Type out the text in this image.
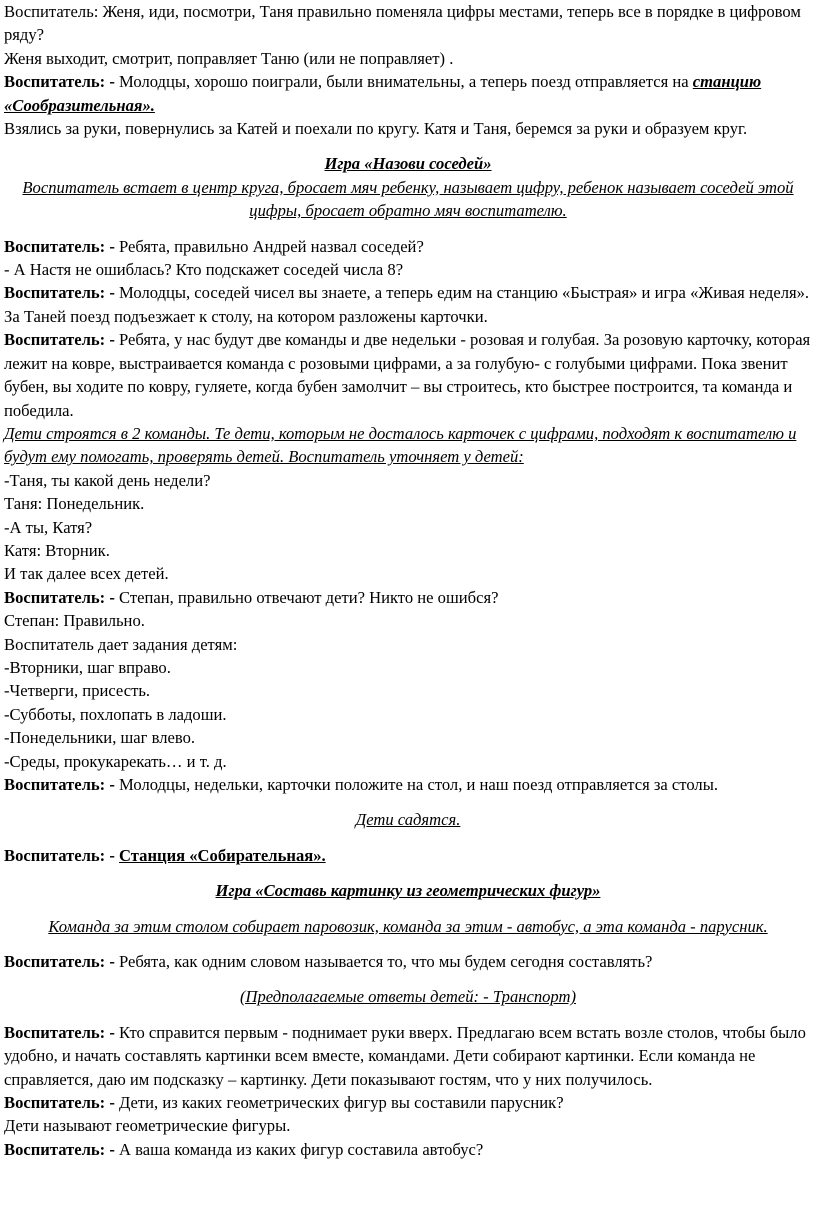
Воспитатель: Женя, иди, посмотри, Таня правильно поменяла цифры местами, теперь все в порядке в цифровом ряду?

Женя выходит, смотрит, поправляет Таню (или не поправляет) .

Воспитатель: - Молодцы, хорошо поиграли, были внимательны, а теперь поезд отправляется на станцию «Сообразительная».

Взялись за руки, повернулись за Катей и поехали по кругу. Катя и Таня, беремся за руки и образуем круг.

Игра «Назови соседей»

Воспитатель встает в центр круга, бросает мяч ребенку, называет цифру, ребенок называет соседей этой цифры, бросает обратно мяч воспитателю.

Воспитатель: - Ребята, правильно Андрей назвал соседей?

- А Настя не ошиблась? Кто подскажет соседей числа 8?

Воспитатель: - Молодцы, соседей чисел вы знаете, а теперь едим на станцию «Быстрая» и игра «Живая неделя». За Таней поезд подъезжает к столу, на котором разложены карточки.

Воспитатель: - Ребята, у нас будут две команды и две недельки - розовая и голубая. За розовую карточку, которая лежит на ковре, выстраивается команда с розовыми цифрами, а за голубую- с голубыми цифрами. Пока звенит бубен, вы ходите по ковру, гуляете, когда бубен замолчит – вы строитесь, кто быстрее построится, та команда и победила.

Дети строятся в 2 команды. Те дети, которым не досталось карточек с цифрами, подходят к воспитателю и будут ему помогать, проверять детей. Воспитатель уточняет у детей:

-Таня, ты какой день недели?

Таня: Понедельник.

-А ты, Катя?

Катя: Вторник.

И так далее всех детей.

Воспитатель: - Степан, правильно отвечают дети? Никто не ошибся?

Степан: Правильно.

Воспитатель дает задания детям:

-Вторники, шаг вправо.

-Четверги, присесть.

-Субботы, похлопать в ладоши.

-Понедельники, шаг влево.

-Среды, прокукарекать… и т. д.

Воспитатель: - Молодцы, недельки, карточки положите на стол, и наш поезд отправляется за столы.

Дети садятся.

Воспитатель: - Станция «Собирательная».

Игра «Составь картинку из геометрических фигур»

Команда за этим столом собирает паровозик, команда за этим - автобус, а эта команда - парусник.

Воспитатель: - Ребята, как одним словом называется то, что мы будем сегодня составлять?

(Предполагаемые ответы детей: - Транспорт)

Воспитатель: - Кто справится первым - поднимает руки вверх. Предлагаю всем встать возле столов, чтобы было удобно, и начать составлять картинки всем вместе, командами. Дети собирают картинки. Если команда не справляется, даю им подсказку – картинку. Дети показывают гостям, что у них получилось.

Воспитатель: - Дети, из каких геометрических фигур вы составили парусник?

Дети называют геометрические фигуры.

Воспитатель: - А ваша команда из каких фигур составила автобус?
